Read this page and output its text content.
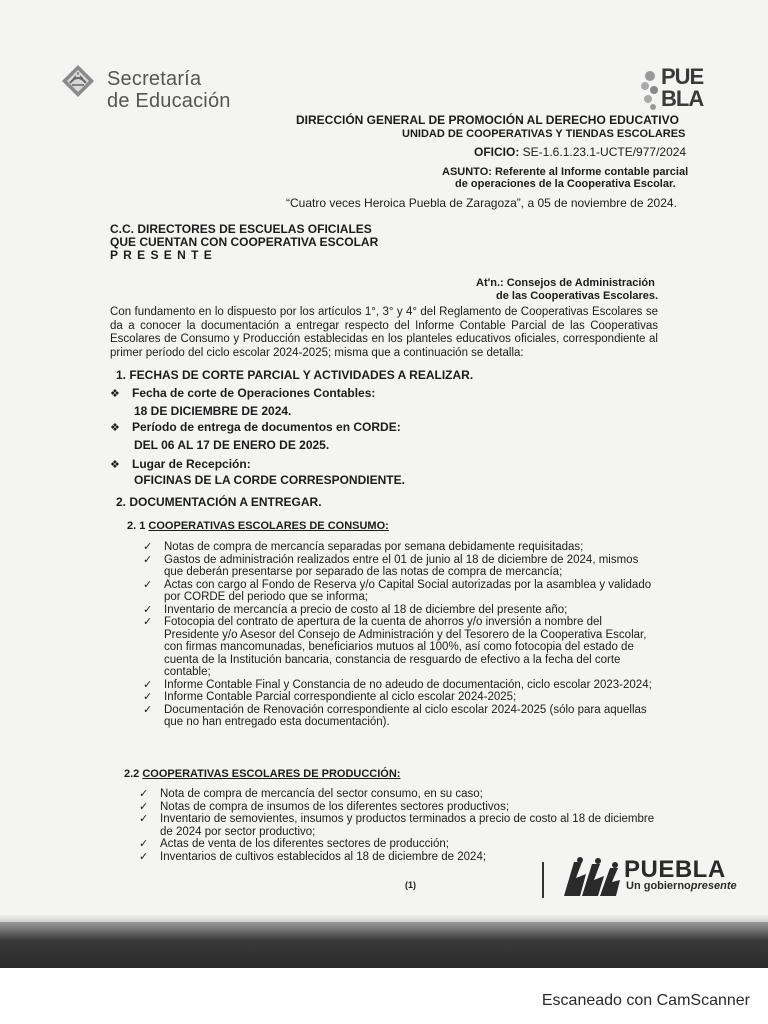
Secretaría
de Educación
PUE
BLA
DIRECCIÓN GENERAL DE PROMOCIÓN AL DERECHO EDUCATIVO
UNIDAD DE COOPERATIVAS Y TIENDAS ESCOLARES
OFICIO: SE-1.6.1.23.1-UCTE/977/2024
ASUNTO: Referente al Informe contable parcial
de operaciones de la Cooperativa Escolar.
“Cuatro veces Heroica Puebla de Zaragoza”, a 05 de noviembre de 2024.
C.C. DIRECTORES DE ESCUELAS OFICIALES
QUE CUENTAN CON COOPERATIVA ESCOLAR
P R E S E N T E
At'n.: Consejos de Administración
de las Cooperativas Escolares.
Con fundamento en lo dispuesto por los artículos 1°, 3° y 4° del Reglamento de Cooperativas Escolares se da a conocer la documentación a entregar respecto del Informe Contable Parcial de las Cooperativas Escolares de Consumo y Producción establecidas en los planteles educativos oficiales, correspondiente al primer período del ciclo escolar 2024-2025; misma que a continuación se detalla:
1. FECHAS DE CORTE PARCIAL Y ACTIVIDADES A REALIZAR.
❖ Fecha de corte de Operaciones Contables:
18 DE DICIEMBRE DE 2024.
❖ Período de entrega de documentos en CORDE:
DEL 06 AL 17 DE ENERO DE 2025.
❖ Lugar de Recepción:
OFICINAS DE LA CORDE CORRESPONDIENTE.
2. DOCUMENTACIÓN A ENTREGAR.
2. 1 COOPERATIVAS ESCOLARES DE CONSUMO:
✓ Notas de compra de mercancía separadas por semana debidamente requisitadas;
✓ Gastos de administración realizados entre el 01 de junio al 18 de diciembre de 2024, mismos que deberán presentarse por separado de las notas de compra de mercancía;
✓ Actas con cargo al Fondo de Reserva y/o Capital Social autorizadas por la asamblea y validado por CORDE del periodo que se informa;
✓ Inventario de mercancía a precio de costo al 18 de diciembre del presente año;
✓ Fotocopia del contrato de apertura de la cuenta de ahorros y/o inversión a nombre del Presidente y/o Asesor del Consejo de Administración y del Tesorero de la Cooperativa Escolar, con firmas mancomunadas, beneficiarios mutuos al 100%, así como fotocopia del estado de cuenta de la Institución bancaria, constancia de resguardo de efectivo a la fecha del corte contable;
✓ Informe Contable Final y Constancia de no adeudo de documentación, ciclo escolar 2023-2024;
✓ Informe Contable Parcial correspondiente al ciclo escolar 2024-2025;
✓ Documentación de Renovación correspondiente al ciclo escolar 2024-2025 (sólo para aquellas que no han entregado esta documentación).
2.2 COOPERATIVAS ESCOLARES DE PRODUCCIÓN:
✓ Nota de compra de mercancía del sector consumo, en su caso;
✓ Notas de compra de insumos de los diferentes sectores productivos;
✓ Inventario de semovientes, insumos y productos terminados a precio de costo al 18 de diciembre de 2024 por sector productivo;
✓ Actas de venta de los diferentes sectores de producción;
✓ Inventarios de cultivos establecidos al 18 de diciembre de 2024;
(1)
PUEBLA
Un gobiernopresente
Escaneado con CamScanner
